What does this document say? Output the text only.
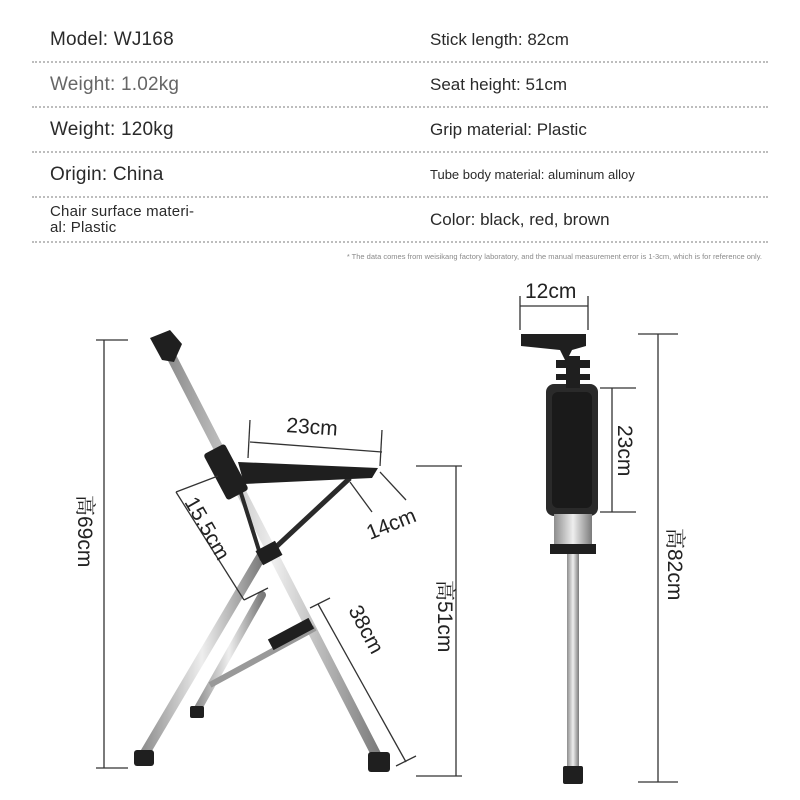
Model: WJ168	Stick length: 82cm
Weight: 1.02kg	Seat height: 51cm
Weight: 120kg	Grip material: Plastic
Origin: China	Tube body material: aluminum alloy
Chair surface materi-
al: Plastic	Color: black, red, brown
* The data comes from weisikang factory laboratory, and the manual measurement error is 1-3cm, which is for reference only.
高69cm
23cm
14cm
15.5cm
38cm 高51cm
12cm
23cm
高82cm
